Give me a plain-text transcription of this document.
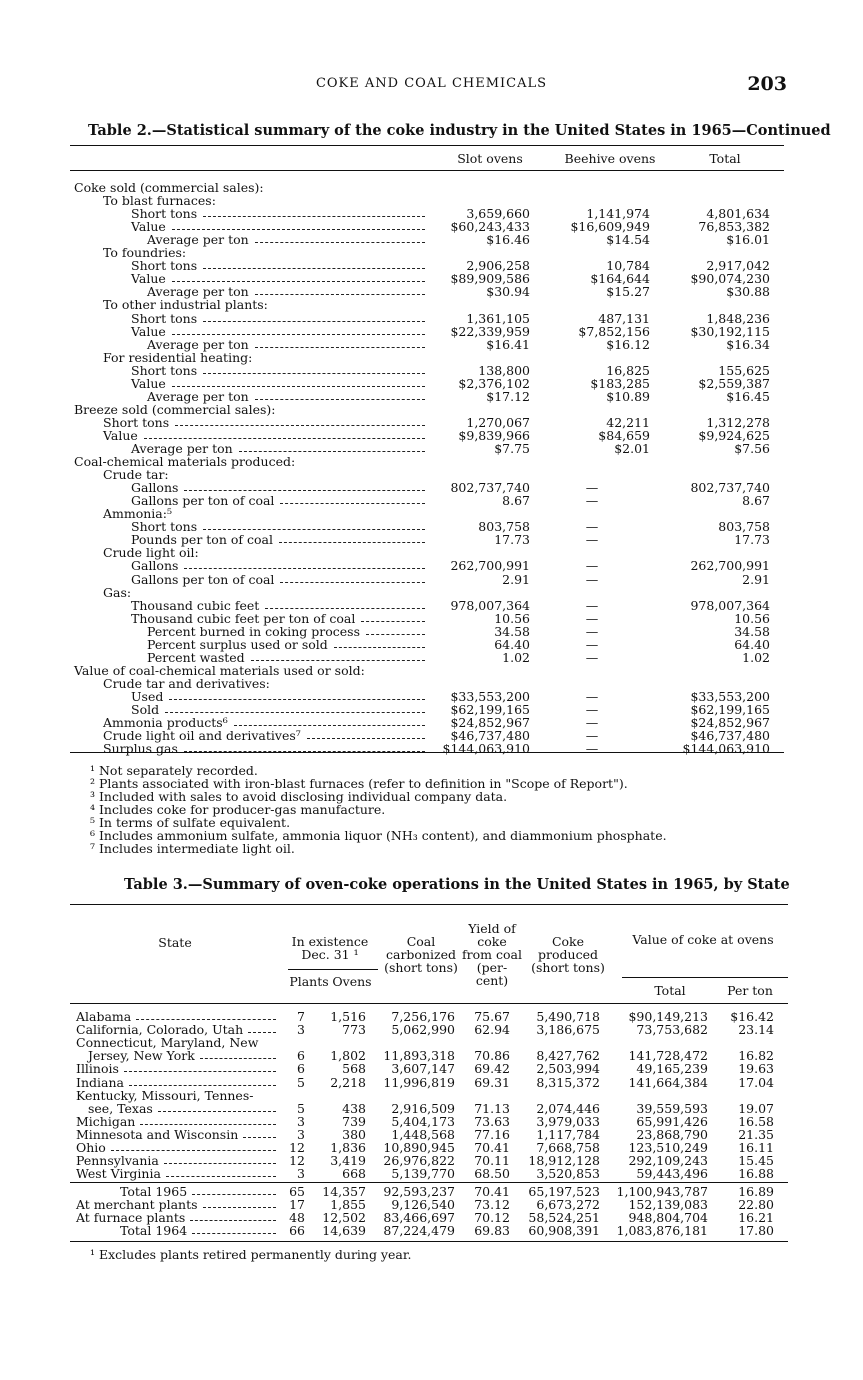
COKE AND COAL CHEMICALS	203
Table 2.—Statistical summary of the coke industry in the United States in 1965—Continued
Slot ovens	Beehive ovens	Total
Coke sold (commercial sales):
To blast furnaces:
Short tons	3,659,660	1,141,974	4,801,634
Value	$60,243,433	$16,609,949	76,853,382
Average per ton	$16.46	$14.54	$16.01
To foundries:
Short tons	2,906,258	10,784	2,917,042
Value	$89,909,586	$164,644	$90,074,230
Average per ton	$30.94	$15.27	$30.88
To other industrial plants:
Short tons	1,361,105	487,131	1,848,236
Value	$22,339,959	$7,852,156	$30,192,115
Average per ton	$16.41	$16.12	$16.34
For residential heating:
Short tons	138,800	16,825	155,625
Value	$2,376,102	$183,285	$2,559,387
Average per ton	$17.12	$10.89	$16.45
Breeze sold (commercial sales):
Short tons	1,270,067	42,211	1,312,278
Value	$9,839,966	$84,659	$9,924,625
Average per ton	$7.75	$2.01	$7.56
Coal-chemical materials produced:
Crude tar:
Gallons	802,737,740	—	802,737,740
Gallons per ton of coal	8.67	—	8.67
Ammonia:⁵
Short tons	803,758	—	803,758
Pounds per ton of coal	17.73	—	17.73
Crude light oil:
Gallons	262,700,991	—	262,700,991
Gallons per ton of coal	2.91	—	2.91
Gas:
Thousand cubic feet	978,007,364	—	978,007,364
Thousand cubic feet per ton of coal	10.56	—	10.56
Percent burned in coking process	34.58	—	34.58
Percent surplus used or sold	64.40	—	64.40
Percent wasted	1.02	—	1.02
Value of coal-chemical materials used or sold:
Crude tar and derivatives:
Used	$33,553,200	—	$33,553,200
Sold	$62,199,165	—	$62,199,165
Ammonia products⁶	$24,852,967	—	$24,852,967
Crude light oil and derivatives⁷	$46,737,480	—	$46,737,480
Surplus gas	$144,063,910	—	$144,063,910
¹ Not separately recorded.
² Plants associated with iron-blast furnaces (refer to definition in "Scope of Report").
³ Included with sales to avoid disclosing individual company data.
⁴ Includes coke for producer-gas manufacture.
⁵ In terms of sulfate equivalent.
⁶ Includes ammonium sulfate, ammonia liquor (NH₃ content), and diammonium phosphate.
⁷ Includes intermediate light oil.
Table 3.—Summary of oven-coke operations in the United States in 1965, by State
State	In existence Dec. 31 ¹
Plants Ovens
Coal carbonized (short tons)
Yield of coke from coal (per-cent)
Coke produced (short tons)
Value of coke at ovens
Total	Per ton
Alabama	7	1,516	7,256,176	75.67	5,490,718	$90,149,213	$16.42
California, Colorado, Utah	3	773	5,062,990	62.94	3,186,675	73,753,682	23.14
Connecticut, Maryland, New
Jersey, New York	6	1,802	11,893,318	70.86	8,427,762	141,728,472	16.82
Illinois	6	568	3,607,147	69.42	2,503,994	49,165,239	19.63
Indiana	5	2,218	11,996,819	69.31	8,315,372	141,664,384	17.04
Kentucky, Missouri, Tennes-
see, Texas	5	438	2,916,509	71.13	2,074,446	39,559,593	19.07
Michigan	3	739	5,404,173	73.63	3,979,033	65,991,426	16.58
Minnesota and Wisconsin	3	380	1,448,568	77.16	1,117,784	23,868,790	21.35
Ohio	12	1,836	10,890,945	70.41	7,668,758	123,510,249	16.11
Pennsylvania	12	3,419	26,976,822	70.11	18,912,128	292,109,243	15.45
West Virginia	3	668	5,139,770	68.50	3,520,853	59,443,496	16.88
Total 1965	65	14,357	92,593,237	70.41	65,197,523	1,100,943,787	16.89
At merchant plants	17	1,855	9,126,540	73.12	6,673,272	152,139,083	22.80
At furnace plants	48	12,502	83,466,697	70.12	58,524,251	948,804,704	16.21
Total 1964	66	14,639	87,224,479	69.83	60,908,391	1,083,876,181	17.80
¹ Excludes plants retired permanently during year.
